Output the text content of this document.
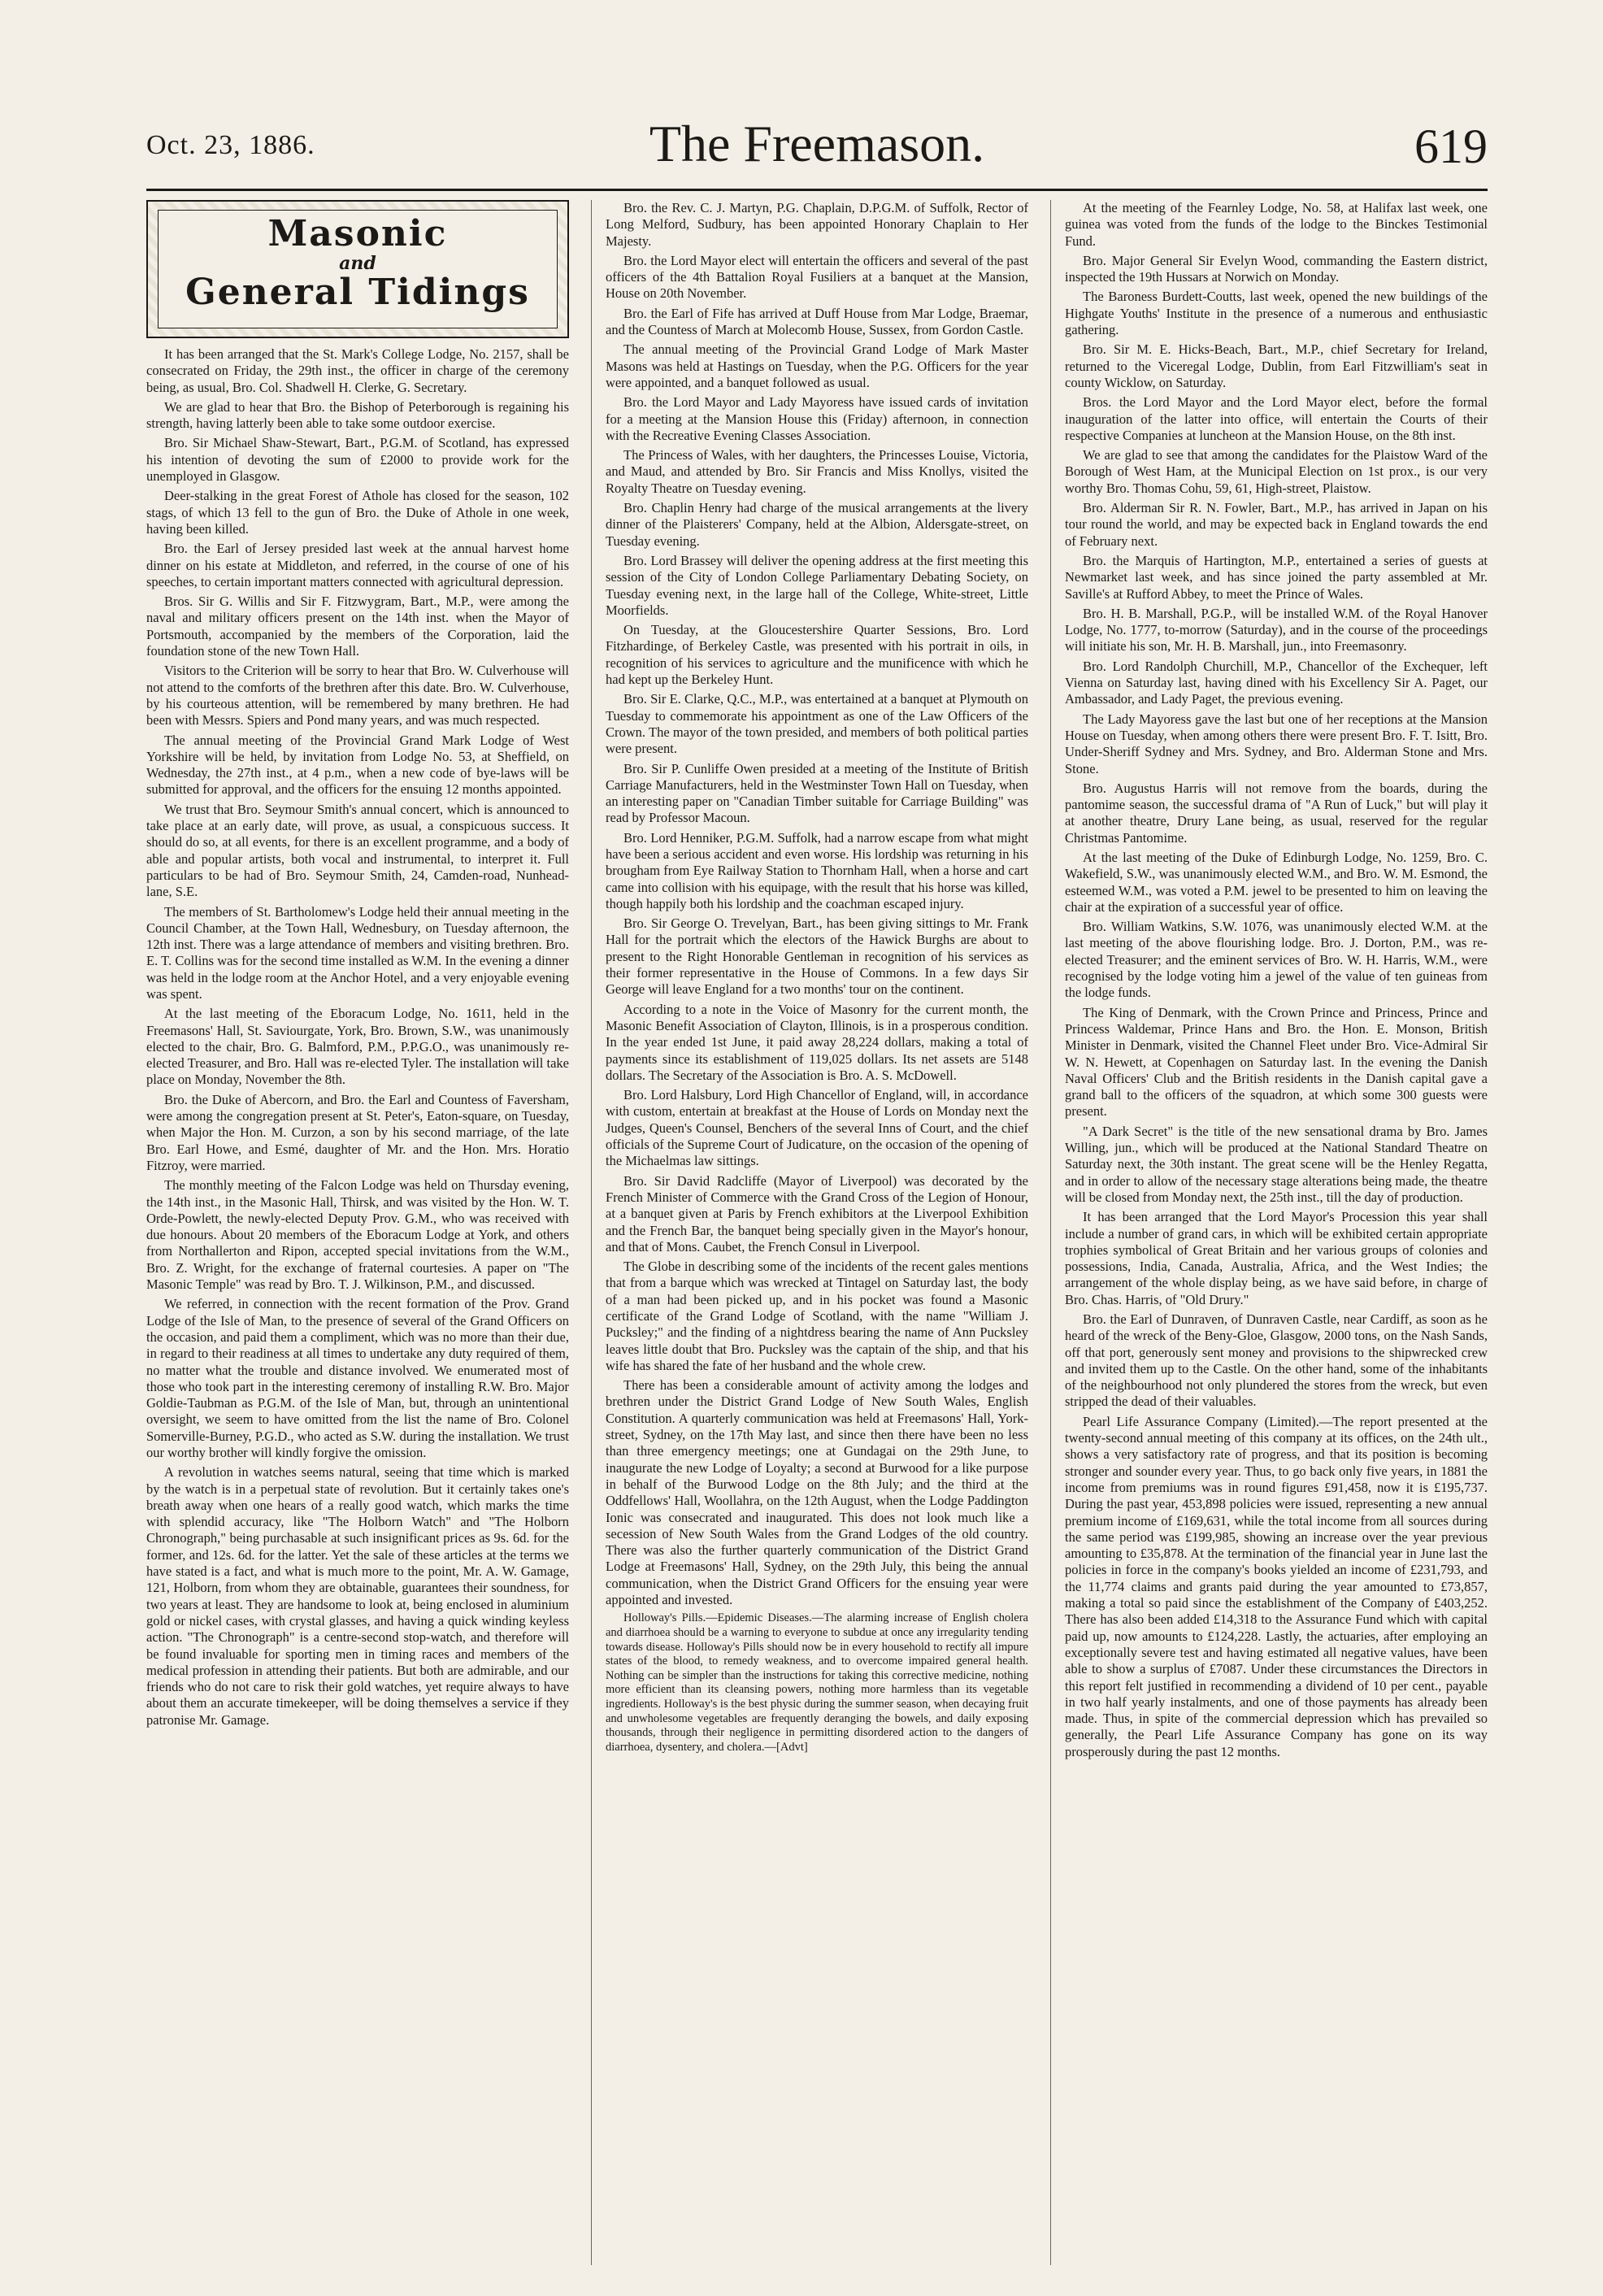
Oct. 23, 1886.	The Freemason.	619
Masonic
and
General Tidings

It has been arranged that the St. Mark's College Lodge, No. 2157, shall be consecrated on Friday, the 29th inst., the officer in charge of the ceremony being, as usual, Bro. Col. Shadwell H. Clerke, G. Secretary.

We are glad to hear that Bro. the Bishop of Peterborough is regaining his strength, having latterly been able to take some outdoor exercise.

Bro. Sir Michael Shaw-Stewart, Bart., P.G.M. of Scotland, has expressed his intention of devoting the sum of £2000 to provide work for the unemployed in Glasgow.

Deer-stalking in the great Forest of Athole has closed for the season, 102 stags, of which 13 fell to the gun of Bro. the Duke of Athole in one week, having been killed.

Bro. the Earl of Jersey presided last week at the annual harvest home dinner on his estate at Middleton, and referred, in the course of one of his speeches, to certain important matters connected with agricultural depression.

Bros. Sir G. Willis and Sir F. Fitzwygram, Bart., M.P., were among the naval and military officers present on the 14th inst. when the Mayor of Portsmouth, accompanied by the members of the Corporation, laid the foundation stone of the new Town Hall.

Visitors to the Criterion will be sorry to hear that Bro. W. Culverhouse will not attend to the comforts of the brethren after this date. Bro. W. Culverhouse, by his courteous attention, will be remembered by many brethren. He had been with Messrs. Spiers and Pond many years, and was much respected.

The annual meeting of the Provincial Grand Mark Lodge of West Yorkshire will be held, by invitation from Lodge No. 53, at Sheffield, on Wednesday, the 27th inst., at 4 p.m., when a new code of bye-laws will be submitted for approval, and the officers for the ensuing 12 months appointed.

We trust that Bro. Seymour Smith's annual concert, which is announced to take place at an early date, will prove, as usual, a conspicuous success. It should do so, at all events, for there is an excellent programme, and a body of able and popular artists, both vocal and instrumental, to interpret it. Full particulars to be had of Bro. Seymour Smith, 24, Camden-road, Nunhead-lane, S.E.

The members of St. Bartholomew's Lodge held their annual meeting in the Council Chamber, at the Town Hall, Wednesbury, on Tuesday afternoon, the 12th inst. There was a large attendance of members and visiting brethren. Bro. E. T. Collins was for the second time installed as W.M. In the evening a dinner was held in the lodge room at the Anchor Hotel, and a very enjoyable evening was spent.

At the last meeting of the Eboracum Lodge, No. 1611, held in the Freemasons' Hall, St. Saviourgate, York, Bro. Brown, S.W., was unanimously elected to the chair, Bro. G. Balmford, P.M., P.P.G.O., was unanimously re-elected Treasurer, and Bro. Hall was re-elected Tyler. The installation will take place on Monday, November the 8th.

Bro. the Duke of Abercorn, and Bro. the Earl and Countess of Faversham, were among the congregation present at St. Peter's, Eaton-square, on Tuesday, when Major the Hon. M. Curzon, a son by his second marriage, of the late Bro. Earl Howe, and Esmé, daughter of Mr. and the Hon. Mrs. Horatio Fitzroy, were married.

The monthly meeting of the Falcon Lodge was held on Thursday evening, the 14th inst., in the Masonic Hall, Thirsk, and was visited by the Hon. W. T. Orde-Powlett, the newly-elected Deputy Prov. G.M., who was received with due honours. About 20 members of the Eboracum Lodge at York, and others from Northallerton and Ripon, accepted special invitations from the W.M., Bro. Z. Wright, for the exchange of fraternal courtesies. A paper on "The Masonic Temple" was read by Bro. T. J. Wilkinson, P.M., and discussed.

We referred, in connection with the recent formation of the Prov. Grand Lodge of the Isle of Man, to the presence of several of the Grand Officers on the occasion, and paid them a compliment, which was no more than their due, in regard to their readiness at all times to undertake any duty required of them, no matter what the trouble and distance involved. We enumerated most of those who took part in the interesting ceremony of installing R.W. Bro. Major Goldie-Taubman as P.G.M. of the Isle of Man, but, through an unintentional oversight, we seem to have omitted from the list the name of Bro. Colonel Somerville-Burney, P.G.D., who acted as S.W. during the installation. We trust our worthy brother will kindly forgive the omission.

A revolution in watches seems natural, seeing that time which is marked by the watch is in a perpetual state of revolution. But it certainly takes one's breath away when one hears of a really good watch, which marks the time with splendid accuracy, like "The Holborn Watch" and "The Holborn Chronograph," being purchasable at such insignificant prices as 9s. 6d. for the former, and 12s. 6d. for the latter. Yet the sale of these articles at the terms we have stated is a fact, and what is much more to the point, Mr. A. W. Gamage, 121, Holborn, from whom they are obtainable, guarantees their soundness, for two years at least. They are handsome to look at, being enclosed in aluminium gold or nickel cases, with crystal glasses, and having a quick winding keyless action. "The Chronograph" is a centre-second stop-watch, and therefore will be found invaluable for sporting men in timing races and members of the medical profession in attending their patients. But both are admirable, and our friends who do not care to risk their gold watches, yet require always to have about them an accurate timekeeper, will be doing themselves a service if they patronise Mr. Gamage.

Bro. the Rev. C. J. Martyn, P.G. Chaplain, D.P.G.M. of Suffolk, Rector of Long Melford, Sudbury, has been appointed Honorary Chaplain to Her Majesty.

Bro. the Lord Mayor elect will entertain the officers and several of the past officers of the 4th Battalion Royal Fusiliers at a banquet at the Mansion, House on 20th November.

Bro. the Earl of Fife has arrived at Duff House from Mar Lodge, Braemar, and the Countess of March at Molecomb House, Sussex, from Gordon Castle.

The annual meeting of the Provincial Grand Lodge of Mark Master Masons was held at Hastings on Tuesday, when the P.G. Officers for the year were appointed, and a banquet followed as usual.

Bro. the Lord Mayor and Lady Mayoress have issued cards of invitation for a meeting at the Mansion House this (Friday) afternoon, in connection with the Recreative Evening Classes Association.

The Princess of Wales, with her daughters, the Princesses Louise, Victoria, and Maud, and attended by Bro. Sir Francis and Miss Knollys, visited the Royalty Theatre on Tuesday evening.

Bro. Chaplin Henry had charge of the musical arrangements at the livery dinner of the Plaisterers' Company, held at the Albion, Aldersgate-street, on Tuesday evening.

Bro. Lord Brassey will deliver the opening address at the first meeting this session of the City of London College Parliamentary Debating Society, on Tuesday evening next, in the large hall of the College, White-street, Little Moorfields.

On Tuesday, at the Gloucestershire Quarter Sessions, Bro. Lord Fitzhardinge, of Berkeley Castle, was presented with his portrait in oils, in recognition of his services to agriculture and the munificence with which he had kept up the Berkeley Hunt.

Bro. Sir E. Clarke, Q.C., M.P., was entertained at a banquet at Plymouth on Tuesday to commemorate his appointment as one of the Law Officers of the Crown. The mayor of the town presided, and members of both political parties were present.

Bro. Sir P. Cunliffe Owen presided at a meeting of the Institute of British Carriage Manufacturers, held in the Westminster Town Hall on Tuesday, when an interesting paper on "Canadian Timber suitable for Carriage Building" was read by Professor Macoun.

Bro. Lord Henniker, P.G.M. Suffolk, had a narrow escape from what might have been a serious accident and even worse. His lordship was returning in his brougham from Eye Railway Station to Thornham Hall, when a horse and cart came into collision with his equipage, with the result that his horse was killed, though happily both his lordship and the coachman escaped injury.

Bro. Sir George O. Trevelyan, Bart., has been giving sittings to Mr. Frank Hall for the portrait which the electors of the Hawick Burghs are about to present to the Right Honorable Gentleman in recognition of his services as their former representative in the House of Commons. In a few days Sir George will leave England for a two months' tour on the continent.

According to a note in the Voice of Masonry for the current month, the Masonic Benefit Association of Clayton, Illinois, is in a prosperous condition. In the year ended 1st June, it paid away 28,224 dollars, making a total of payments since its establishment of 119,025 dollars. Its net assets are 5148 dollars. The Secretary of the Association is Bro. A. S. McDowell.

Bro. Lord Halsbury, Lord High Chancellor of England, will, in accordance with custom, entertain at breakfast at the House of Lords on Monday next the Judges, Queen's Counsel, Benchers of the several Inns of Court, and the chief officials of the Supreme Court of Judicature, on the occasion of the opening of the Michaelmas law sittings.

Bro. Sir David Radcliffe (Mayor of Liverpool) was decorated by the French Minister of Commerce with the Grand Cross of the Legion of Honour, at a banquet given at Paris by French exhibitors at the Liverpool Exhibition and the French Bar, the banquet being specially given in the Mayor's honour, and that of Mons. Caubet, the French Consul in Liverpool.

The Globe in describing some of the incidents of the recent gales mentions that from a barque which was wrecked at Tintagel on Saturday last, the body of a man had been picked up, and in his pocket was found a Masonic certificate of the Grand Lodge of Scotland, with the name "William J. Pucksley;" and the finding of a nightdress bearing the name of Ann Pucksley leaves little doubt that Bro. Pucksley was the captain of the ship, and that his wife has shared the fate of her husband and the whole crew.

There has been a considerable amount of activity among the lodges and brethren under the District Grand Lodge of New South Wales, English Constitution. A quarterly communication was held at Freemasons' Hall, York-street, Sydney, on the 17th May last, and since then there have been no less than three emergency meetings; one at Gundagai on the 29th June, to inaugurate the new Lodge of Loyalty; a second at Burwood for a like purpose in behalf of the Burwood Lodge on the 8th July; and the third at the Oddfellows' Hall, Woollahra, on the 12th August, when the Lodge Paddington Ionic was consecrated and inaugurated. This does not look much like a secession of New South Wales from the Grand Lodges of the old country. There was also the further quarterly communication of the District Grand Lodge at Freemasons' Hall, Sydney, on the 29th July, this being the annual communication, when the District Grand Officers for the ensuing year were appointed and invested.

Holloway's Pills.—Epidemic Diseases.—The alarming increase of English cholera and diarrhoea should be a warning to everyone to subdue at once any irregularity tending towards disease. Holloway's Pills should now be in every household to rectify all impure states of the blood, to remedy weakness, and to overcome impaired general health. Nothing can be simpler than the instructions for taking this corrective medicine, nothing more efficient than its cleansing powers, nothing more harmless than its vegetable ingredients. Holloway's is the best physic during the summer season, when decaying fruit and unwholesome vegetables are frequently deranging the bowels, and daily exposing thousands, through their negligence in permitting disordered action to the dangers of diarrhoea, dysentery, and cholera.—[Advt]

At the meeting of the Fearnley Lodge, No. 58, at Halifax last week, one guinea was voted from the funds of the lodge to the Binckes Testimonial Fund.

Bro. Major General Sir Evelyn Wood, commanding the Eastern district, inspected the 19th Hussars at Norwich on Monday.

The Baroness Burdett-Coutts, last week, opened the new buildings of the Highgate Youths' Institute in the presence of a numerous and enthusiastic gathering.

Bro. Sir M. E. Hicks-Beach, Bart., M.P., chief Secretary for Ireland, returned to the Viceregal Lodge, Dublin, from Earl Fitzwilliam's seat in county Wicklow, on Saturday.

Bros. the Lord Mayor and the Lord Mayor elect, before the formal inauguration of the latter into office, will entertain the Courts of their respective Companies at luncheon at the Mansion House, on the 8th inst.

We are glad to see that among the candidates for the Plaistow Ward of the Borough of West Ham, at the Municipal Election on 1st prox., is our very worthy Bro. Thomas Cohu, 59, 61, High-street, Plaistow.

Bro. Alderman Sir R. N. Fowler, Bart., M.P., has arrived in Japan on his tour round the world, and may be expected back in England towards the end of February next.

Bro. the Marquis of Hartington, M.P., entertained a series of guests at Newmarket last week, and has since joined the party assembled at Mr. Saville's at Rufford Abbey, to meet the Prince of Wales.

Bro. H. B. Marshall, P.G.P., will be installed W.M. of the Royal Hanover Lodge, No. 1777, to-morrow (Saturday), and in the course of the proceedings will initiate his son, Mr. H. B. Marshall, jun., into Freemasonry.

Bro. Lord Randolph Churchill, M.P., Chancellor of the Exchequer, left Vienna on Saturday last, having dined with his Excellency Sir A. Paget, our Ambassador, and Lady Paget, the previous evening.

The Lady Mayoress gave the last but one of her receptions at the Mansion House on Tuesday, when among others there were present Bro. F. T. Isitt, Bro. Under-Sheriff Sydney and Mrs. Sydney, and Bro. Alderman Stone and Mrs. Stone.

Bro. Augustus Harris will not remove from the boards, during the pantomime season, the successful drama of "A Run of Luck," but will play it at another theatre, Drury Lane being, as usual, reserved for the regular Christmas Pantomime.

At the last meeting of the Duke of Edinburgh Lodge, No. 1259, Bro. C. Wakefield, S.W., was unanimously elected W.M., and Bro. W. M. Esmond, the esteemed W.M., was voted a P.M. jewel to be presented to him on leaving the chair at the expiration of a successful year of office.

Bro. William Watkins, S.W. 1076, was unanimously elected W.M. at the last meeting of the above flourishing lodge. Bro. J. Dorton, P.M., was re-elected Treasurer; and the eminent services of Bro. W. H. Harris, W.M., were recognised by the lodge voting him a jewel of the value of ten guineas from the lodge funds.

The King of Denmark, with the Crown Prince and Princess, Prince and Princess Waldemar, Prince Hans and Bro. the Hon. E. Monson, British Minister in Denmark, visited the Channel Fleet under Bro. Vice-Admiral Sir W. N. Hewett, at Copenhagen on Saturday last. In the evening the Danish Naval Officers' Club and the British residents in the Danish capital gave a grand ball to the officers of the squadron, at which some 300 guests were present.

"A Dark Secret" is the title of the new sensational drama by Bro. James Willing, jun., which will be produced at the National Standard Theatre on Saturday next, the 30th instant. The great scene will be the Henley Regatta, and in order to allow of the necessary stage alterations being made, the theatre will be closed from Monday next, the 25th inst., till the day of production.

It has been arranged that the Lord Mayor's Procession this year shall include a number of grand cars, in which will be exhibited certain appropriate trophies symbolical of Great Britain and her various groups of colonies and possessions, India, Canada, Australia, Africa, and the West Indies; the arrangement of the whole display being, as we have said before, in charge of Bro. Chas. Harris, of "Old Drury."

Bro. the Earl of Dunraven, of Dunraven Castle, near Cardiff, as soon as he heard of the wreck of the Beny-Gloe, Glasgow, 2000 tons, on the Nash Sands, off that port, generously sent money and provisions to the shipwrecked crew and invited them up to the Castle. On the other hand, some of the inhabitants of the neighbourhood not only plundered the stores from the wreck, but even stripped the dead of their valuables.

Pearl Life Assurance Company (Limited).—The report presented at the twenty-second annual meeting of this company at its offices, on the 24th ult., shows a very satisfactory rate of progress, and that its position is becoming stronger and sounder every year. Thus, to go back only five years, in 1881 the income from premiums was in round figures £91,458, now it is £195,737. During the past year, 453,898 policies were issued, representing a new annual premium income of £169,631, while the total income from all sources during the same period was £199,985, showing an increase over the year previous amounting to £35,878. At the termination of the financial year in June last the policies in force in the company's books yielded an income of £231,793, and the 11,774 claims and grants paid during the year amounted to £73,857, making a total so paid since the establishment of the Company of £403,252. There has also been added £14,318 to the Assurance Fund which with capital paid up, now amounts to £124,228. Lastly, the actuaries, after employing an exceptionally severe test and having estimated all negative values, have been able to show a surplus of £7087. Under these circumstances the Directors in this report felt justified in recommending a dividend of 10 per cent., payable in two half yearly instalments, and one of those payments has already been made. Thus, in spite of the commercial depression which has prevailed so generally, the Pearl Life Assurance Company has gone on its way prosperously during the past 12 months.
